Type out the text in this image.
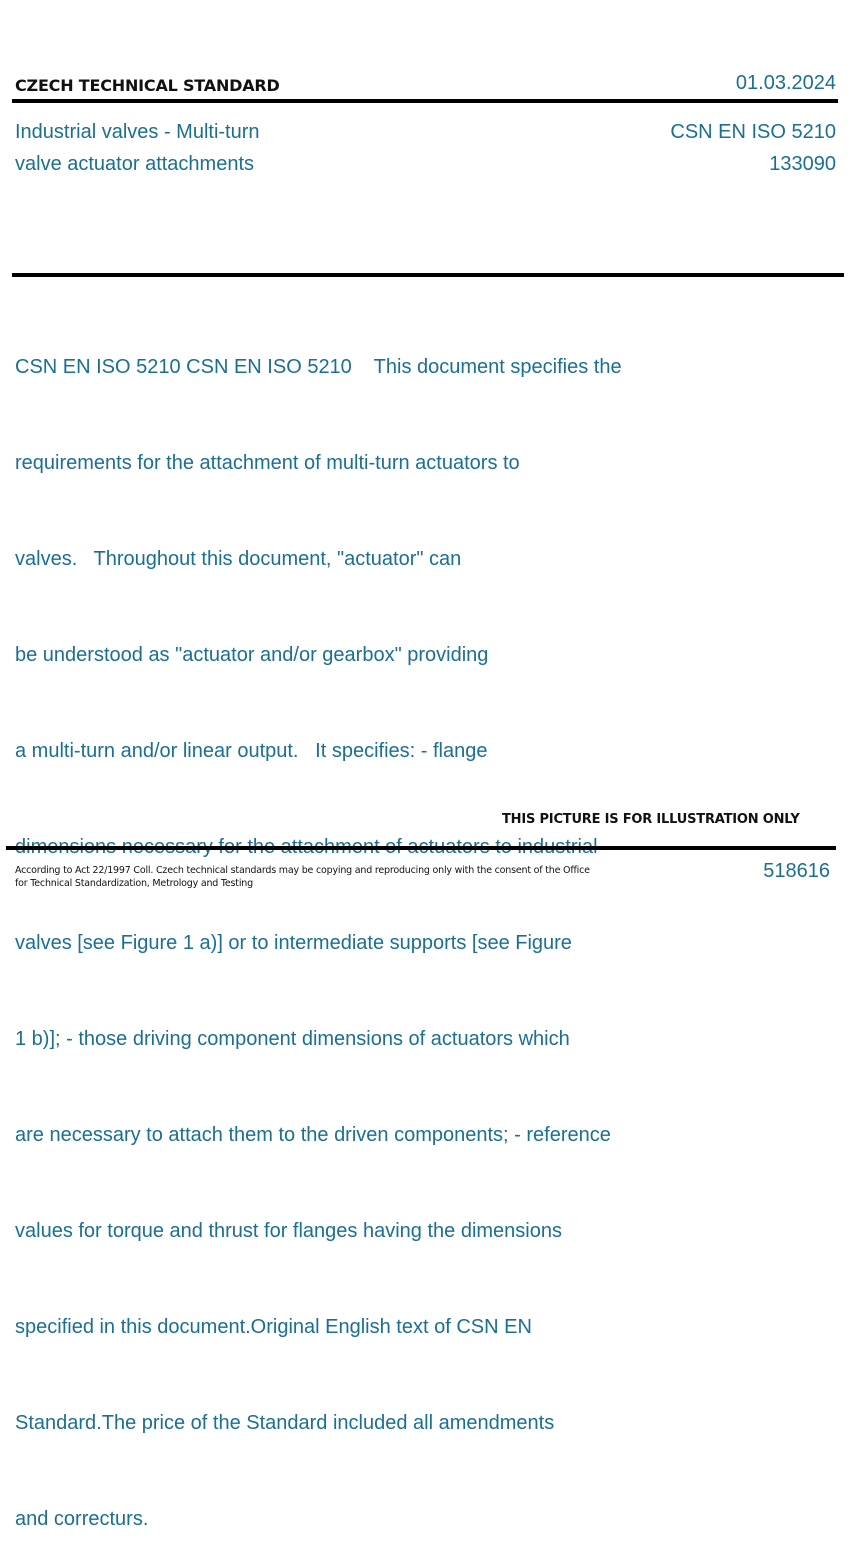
CZECH TECHNICAL STANDARD	01.03.2024
Industrial valves - Multi-turn
valve actuator attachments
CSN EN ISO 5210
133090

CSN EN ISO 5210 CSN EN ISO 5210    This document specifies the

requirements for the attachment of multi-turn actuators to

valves.   Throughout this document, "actuator" can

be understood as "actuator and/or gearbox" providing

a multi-turn and/or linear output.   It specifies: - flange

valves [see Figure 1 a)] or to intermediate supports [see Figure

1 b)]; - those driving component dimensions of actuators which

are necessary to attach them to the driven components; - reference

values for torque and thrust for flanges having the dimensions

specified in this document.Original English text of CSN EN

Standard.The price of the Standard included all amendments

and correcturs.

THIS PICTURE IS FOR ILLUSTRATION ONLY
According to Act 22/1997 Coll. Czech technical standards may be copying and reproducing only with the consent of the Office
for Technical Standardization, Metrology and Testing
518616
